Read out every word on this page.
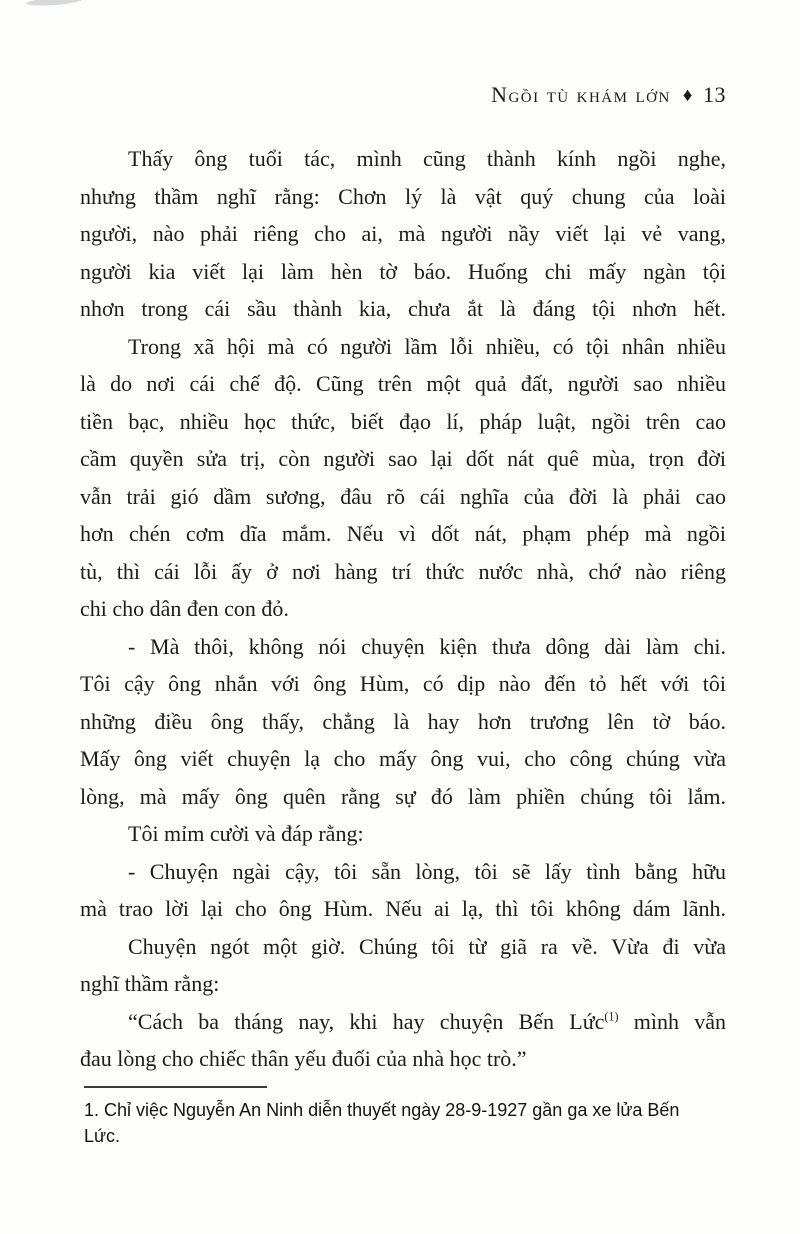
Ngồi tù khám lớn ♦ 13
Thấy ông tuổi tác, mình cũng thành kính ngồi nghe,
nhưng thầm nghĩ rằng: Chơn lý là vật quý chung của loài
người, nào phải riêng cho ai, mà người nầy viết lại vẻ vang,
người kia viết lại làm hèn tờ báo. Huống chi mấy ngàn tội
nhơn trong cái sầu thành kia, chưa ắt là đáng tội nhơn hết.
Trong xã hội mà có người lầm lỗi nhiều, có tội nhân nhiều
là do nơi cái chế độ. Cũng trên một quả đất, người sao nhiều
tiền bạc, nhiều học thức, biết đạo lí, pháp luật, ngồi trên cao
cầm quyền sửa trị, còn người sao lại dốt nát quê mùa, trọn đời
vẫn trải gió dầm sương, đâu rõ cái nghĩa của đời là phải cao
hơn chén cơm dĩa mắm. Nếu vì dốt nát, phạm phép mà ngồi
tù, thì cái lỗi ấy ở nơi hàng trí thức nước nhà, chớ nào riêng
chi cho dân đen con đỏ.
- Mà thôi, không nói chuyện kiện thưa dông dài làm chi.
Tôi cậy ông nhắn với ông Hùm, có dịp nào đến tỏ hết với tôi
những điều ông thấy, chẳng là hay hơn trương lên tờ báo.
Mấy ông viết chuyện lạ cho mấy ông vui, cho công chúng vừa
lòng, mà mấy ông quên rằng sự đó làm phiền chúng tôi lắm.
Tôi mỉm cười và đáp rằng:
- Chuyện ngài cậy, tôi sẵn lòng, tôi sẽ lấy tình bằng hữu
mà trao lời lại cho ông Hùm. Nếu ai lạ, thì tôi không dám lãnh.
Chuyện ngót một giờ. Chúng tôi từ giã ra về. Vừa đi vừa
nghĩ thầm rằng:
“Cách ba tháng nay, khi hay chuyện Bến Lức$^{(1)}$ mình vẫn
đau lòng cho chiếc thân yếu đuối của nhà học trò.”
1. Chỉ việc Nguyễn An Ninh diễn thuyết ngày 28-9-1927 gần ga xe lửa Bến Lức.
